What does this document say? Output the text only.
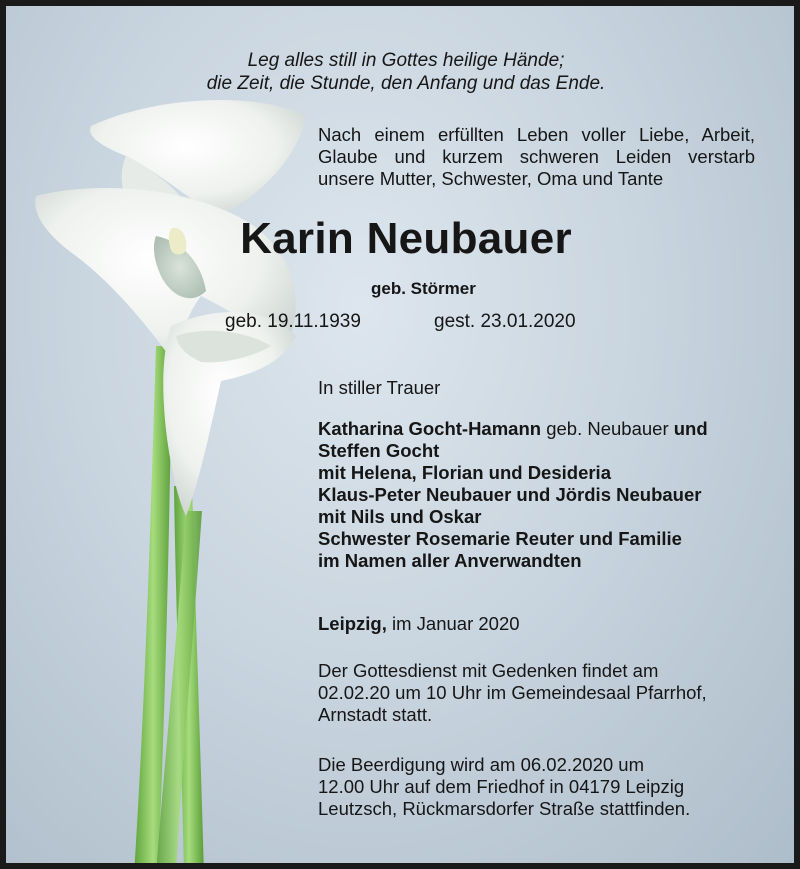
Leg alles still in Gottes heilige Hände;
die Zeit, die Stunde, den Anfang und das Ende.

Nach einem erfüllten Leben voller Liebe, Arbeit,
Glaube und kurzem schweren Leiden verstarb
unsere Mutter, Schwester, Oma und Tante

Karin Neubauer

geb. Störmer

geb. 19.11.1939	gest. 23.01.2020

In stiller Trauer

Katharina Gocht-Hamann geb. Neubauer und
Steffen Gocht
mit Helena, Florian und Desideria
Klaus-Peter Neubauer und Jördis Neubauer
mit Nils und Oskar
Schwester Rosemarie Reuter und Familie
im Namen aller Anverwandten

Leipzig, im Januar 2020

Der Gottesdienst mit Gedenken findet am
02.02.20 um 10 Uhr im Gemeindesaal Pfarrhof,
Arnstadt statt.
Die Beerdigung wird am 06.02.2020 um
12.00 Uhr auf dem Friedhof in 04179 Leipzig
Leutzsch, Rückmarsdorfer Straße stattfinden.
